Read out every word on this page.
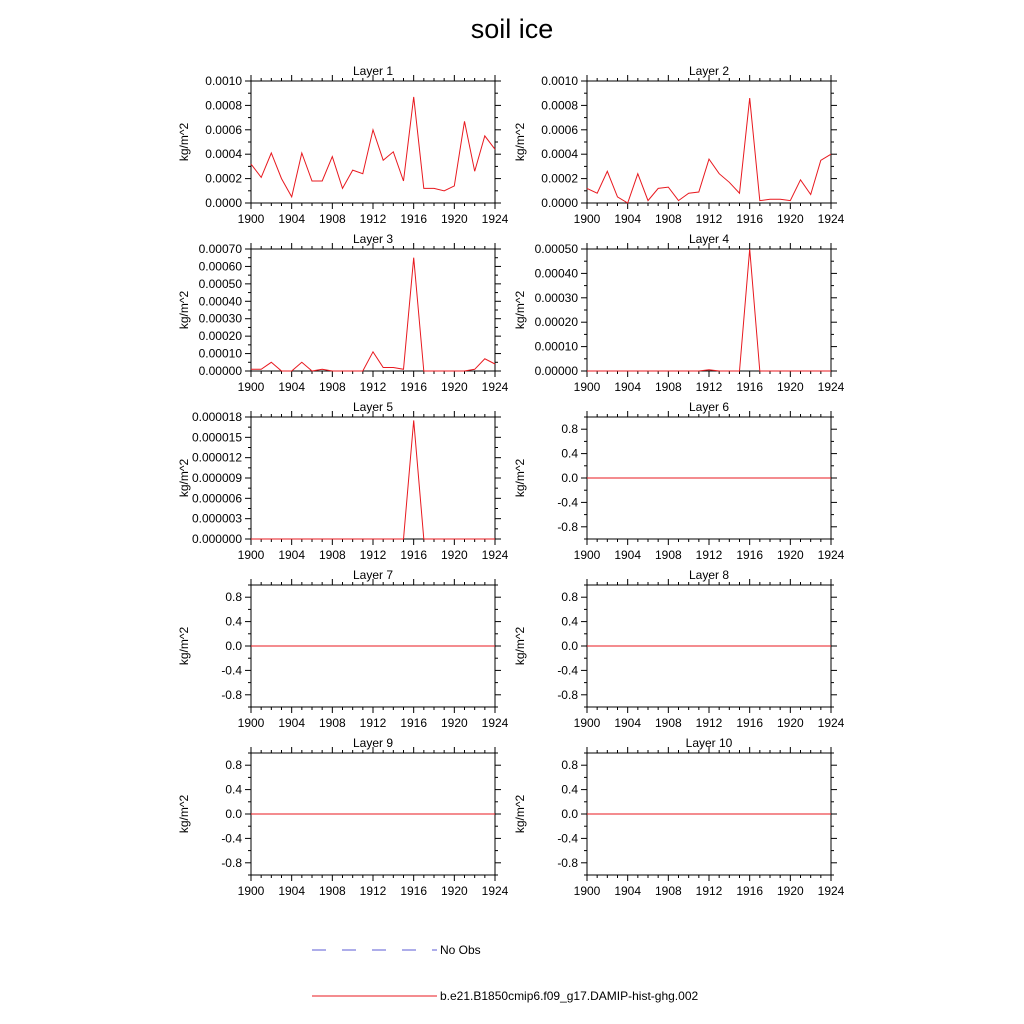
soil ice
Layer 1
kg/m^2
1900 1904 1908 1912 1916 1920 1924
0.0000
0.0002
0.0004
0.0006
0.0008
0.0010
Layer 2
kg/m^2
1900 1904 1908 1912 1916 1920 1924
0.0000
0.0002
0.0004
0.0006
0.0008
0.0010
Layer 3
kg/m^2
1900 1904 1908 1912 1916 1920 1924
0.00000
0.00010
0.00020
0.00030
0.00040
0.00050
0.00060
0.00070
Layer 4
kg/m^2
1900 1904 1908 1912 1916 1920 1924
0.00000
0.00010
0.00020
0.00030
0.00040
0.00050
Layer 5
kg/m^2
1900 1904 1908 1912 1916 1920 1924
0.000000
0.000003
0.000006
0.000009
0.000012
0.000015
0.000018
Layer 6
kg/m^2
1900 1904 1908 1912 1916 1920 1924
-0.8
-0.4
0.0
0.4
0.8
Layer 7
kg/m^2
1900 1904 1908 1912 1916 1920 1924
-0.8
-0.4
0.0
0.4
0.8
Layer 8
kg/m^2
1900 1904 1908 1912 1916 1920 1924
-0.8
-0.4
0.0
0.4
0.8
Layer 9
kg/m^2
1900 1904 1908 1912 1916 1920 1924
-0.8
-0.4
0.0
0.4
0.8
Layer 10
kg/m^2
1900 1904 1908 1912 1916 1920 1924
-0.8
-0.4
0.0
0.4
0.8
No Obs
b.e21.B1850cmip6.f09_g17.DAMIP-hist-ghg.002
